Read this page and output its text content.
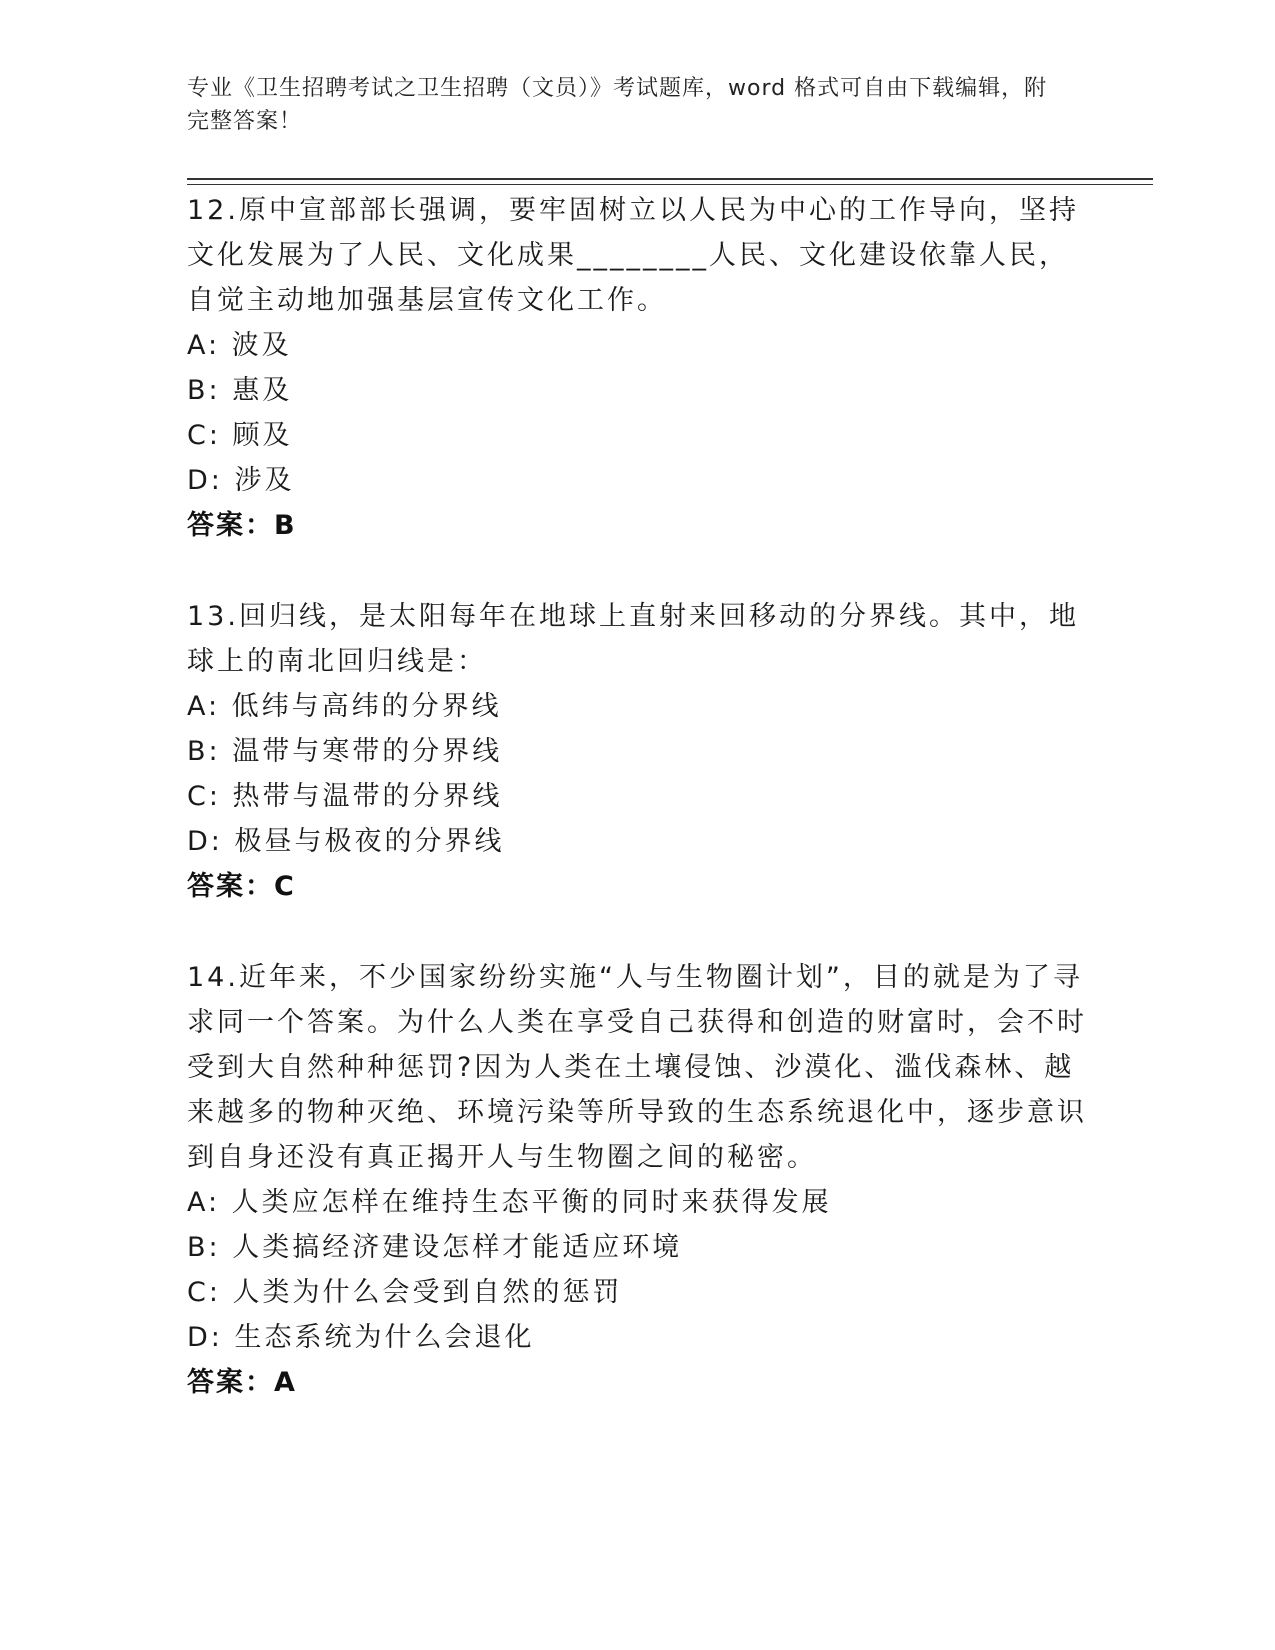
专业《卫生招聘考试之卫生招聘（文员）》考试题库，word 格式可自由下载编辑，附完整答案！

12.原中宣部部长强调，要牢固树立以人民为中心的工作导向，坚持文化发展为了人民、文化成果________人民、文化建设依靠人民，自觉主动地加强基层宣传文化工作。

A: 波及

B: 惠及

C: 顾及

D: 涉及

答案：B

13.回归线，是太阳每年在地球上直射来回移动的分界线。其中，地球上的南北回归线是：

A: 低纬与高纬的分界线

B: 温带与寒带的分界线

C: 热带与温带的分界线

D: 极昼与极夜的分界线

答案：C

14.近年来，不少国家纷纷实施“人与生物圈计划”，目的就是为了寻求同一个答案。为什么人类在享受自己获得和创造的财富时，会不时受到大自然种种惩罚?因为人类在土壤侵蚀、沙漠化、滥伐森林、越来越多的物种灭绝、环境污染等所导致的生态系统退化中，逐步意识到自身还没有真正揭开人与生物圈之间的秘密。

A: 人类应怎样在维持生态平衡的同时来获得发展

B: 人类搞经济建设怎样才能适应环境

C: 人类为什么会受到自然的惩罚

D: 生态系统为什么会退化

答案：A
